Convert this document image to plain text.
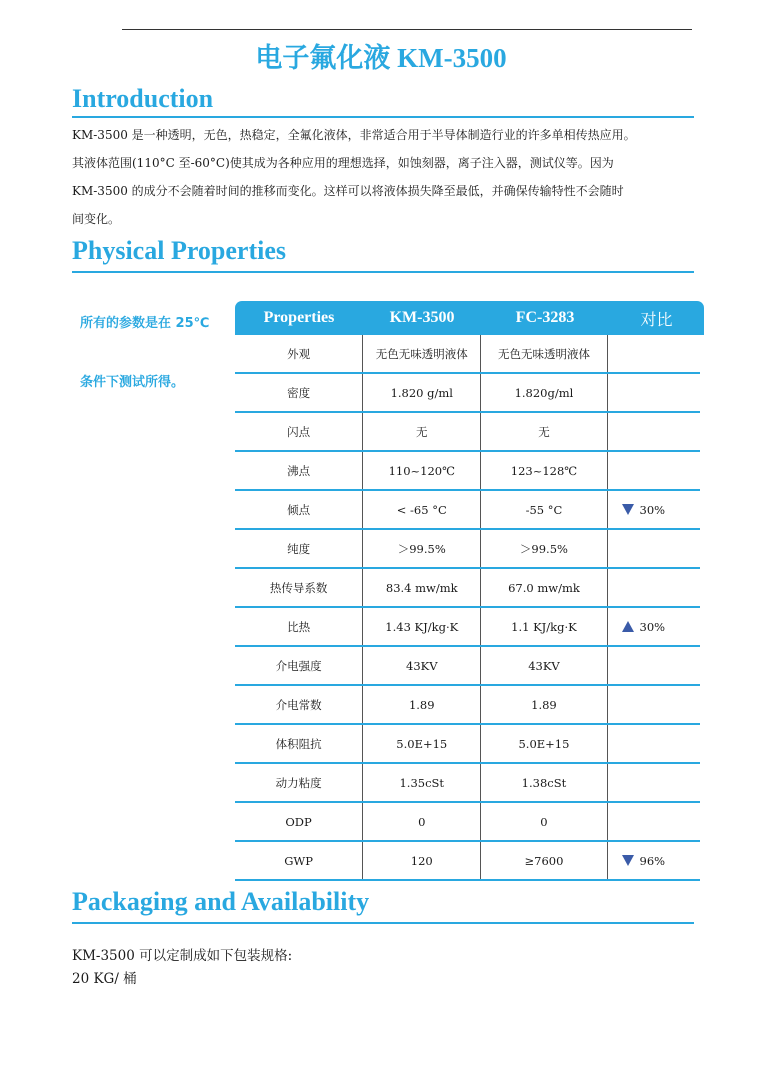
电子氟化液 KM-3500
Introduction
KM-3500 是一种透明，无色，热稳定，全氟化液体，非常适合用于半导体制造行业的许多单相传热应用。
其液体范围(110°C 至-60°C)使其成为各种应用的理想选择，如蚀刻器，离子注入器，测试仪等。因为
KM-3500 的成分不会随着时间的推移而变化。这样可以将液体损失降至最低，并确保传输特性不会随时
间变化。
Physical Properties
所有的参数是在 25℃
条件下测试所得。
Properties	KM-3500	FC-3283	对比
外观	无色无味透明液体	无色无味透明液体
密度	1.820 g/ml	1.820g/ml
闪点	无	无
沸点	110~120℃	123~128℃
倾点	< -65 °C	-55 °C	30%
纯度	＞99.5%	＞99.5%
热传导系数	83.4 mw/mk	67.0 mw/mk
比热	1.43 KJ/kg·K	1.1 KJ/kg·K	30%
介电强度	43KV	43KV
介电常数	1.89	1.89
体积阻抗	5.0E+15	5.0E+15
动力粘度	1.35cSt	1.38cSt
ODP	0	0
GWP	120	≥7600	96%
Packaging and Availability
KM-3500 可以定制成如下包装规格:
20 KG/ 桶
